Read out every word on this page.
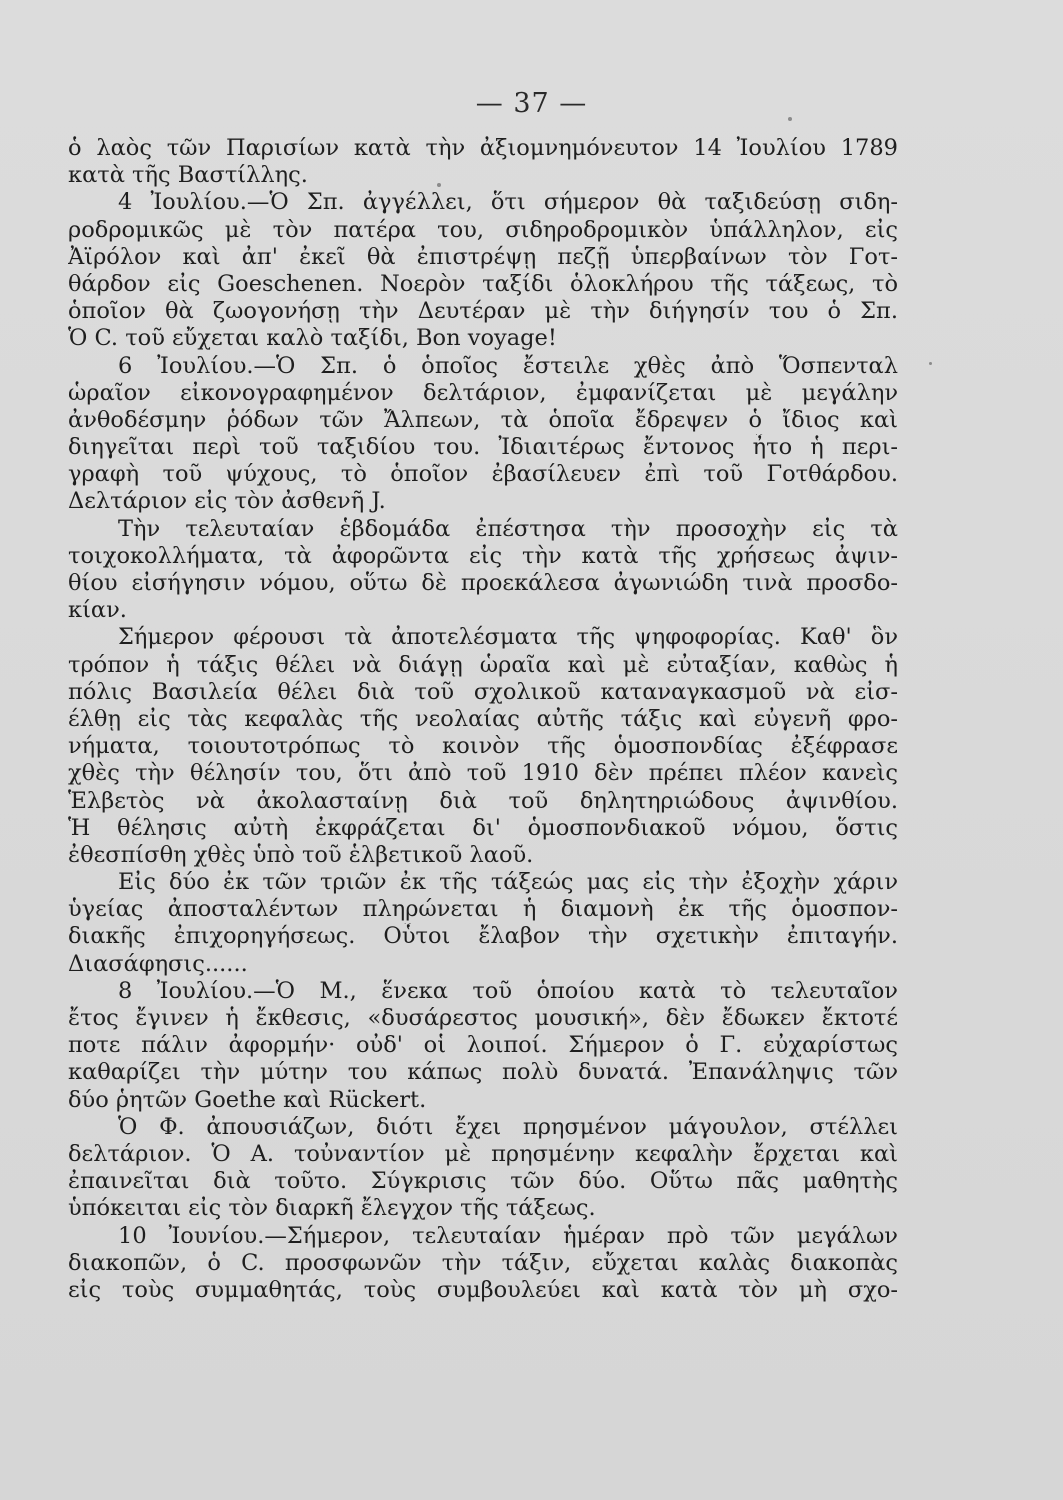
— 37 —
ὁ λαὸς τῶν Παρισίων κατὰ τὴν ἀξιομνημόνευτον 14 Ἰουλίου 1789
κατὰ τῆς Βαστίλλης.
4 Ἰουλίου.—Ὁ Σπ. ἀγγέλλει, ὅτι σήμερον θὰ ταξιδεύσῃ σιδη-
ροδρομικῶς μὲ τὸν πατέρα του, σιδηροδρομικὸν ὑπάλληλον, εἰς
Ἀϊρόλον καὶ ἀπ' ἐκεῖ θὰ ἐπιστρέψῃ πεζῇ ὑπερβαίνων τὸν Γοτ-
θάρδον εἰς Goeschenen. Νοερὸν ταξίδι ὁλοκλήρου τῆς τάξεως, τὸ
ὁποῖον θὰ ζωογονήσῃ τὴν Δευτέραν μὲ τὴν διήγησίν του ὁ Σπ.
Ὁ C. τοῦ εὔχεται καλὸ ταξίδι, Bon voyage!
6 Ἰουλίου.—Ὁ Σπ. ὁ ὁποῖος ἔστειλε χθὲς ἀπὸ Ὅσπενταλ
ὡραῖον εἰκονογραφημένον δελτάριον, ἐμφανίζεται μὲ μεγάλην
ἀνθοδέσμην ῥόδων τῶν Ἄλπεων, τὰ ὁποῖα ἔδρεψεν ὁ ἴδιος καὶ
διηγεῖται περὶ τοῦ ταξιδίου του. Ἰδιαιτέρως ἔντονος ἦτο ἡ περι-
γραφὴ τοῦ ψύχους, τὸ ὁποῖον ἐβασίλευεν ἐπὶ τοῦ Γοτθάρδου.
Δελτάριον εἰς τὸν ἀσθενῆ J.
Τὴν τελευταίαν ἑβδομάδα ἐπέστησα τὴν προσοχὴν εἰς τὰ
τοιχοκολλήματα, τὰ ἀφορῶντα εἰς τὴν κατὰ τῆς χρήσεως ἀψιν-
θίου εἰσήγησιν νόμου, οὕτω δὲ προεκάλεσα ἀγωνιώδη τινὰ προσδο-
κίαν.
Σήμερον φέρουσι τὰ ἀποτελέσματα τῆς ψηφοφορίας. Καθ' ὃν
τρόπον ἡ τάξις θέλει νὰ διάγῃ ὡραῖα καὶ μὲ εὐταξίαν, καθὼς ἡ
πόλις Βασιλεία θέλει διὰ τοῦ σχολικοῦ καταναγκασμοῦ νὰ εἰσ-
έλθῃ εἰς τὰς κεφαλὰς τῆς νεολαίας αὐτῆς τάξις καὶ εὐγενῆ φρο-
νήματα, τοιουτοτρόπως τὸ κοινὸν τῆς ὁμοσπονδίας ἐξέφρασε
χθὲς τὴν θέλησίν του, ὅτι ἀπὸ τοῦ 1910 δὲν πρέπει πλέον κανεὶς
Ἑλβετὸς νὰ ἀκολασταίνῃ διὰ τοῦ δηλητηριώδους ἀψινθίου.
Ἡ θέλησις αὐτὴ ἐκφράζεται δι' ὁμοσπονδιακοῦ νόμου, ὅστις
ἐθεσπίσθη χθὲς ὑπὸ τοῦ ἑλβετικοῦ λαοῦ.
Εἰς δύο ἐκ τῶν τριῶν ἐκ τῆς τάξεώς μας εἰς τὴν ἐξοχὴν χάριν
ὑγείας ἀποσταλέντων πληρώνεται ἡ διαμονὴ ἐκ τῆς ὁμοσπον-
διακῆς ἐπιχορηγήσεως. Οὗτοι ἔλαβον τὴν σχετικὴν ἐπιταγήν.
Διασάφησις......
8 Ἰουλίου.—Ὁ Μ., ἕνεκα τοῦ ὁποίου κατὰ τὸ τελευταῖον
ἔτος ἔγινεν ἡ ἔκθεσις, «δυσάρεστος μουσική», δὲν ἔδωκεν ἔκτοτέ
ποτε πάλιν ἀφορμήν· οὐδ' οἱ λοιποί. Σήμερον ὁ Γ. εὐχαρίστως
καθαρίζει τὴν μύτην του κάπως πολὺ δυνατά. Ἐπανάληψις τῶν
δύο ῥητῶν Goethe καὶ Rückert.
Ὁ Φ. ἀπουσιάζων, διότι ἔχει πρησμένον μάγουλον, στέλλει
δελτάριον. Ὁ Α. τοὐναντίον μὲ πρησμένην κεφαλὴν ἔρχεται καὶ
ἐπαινεῖται διὰ τοῦτο. Σύγκρισις τῶν δύο. Οὕτω πᾶς μαθητὴς
ὑπόκειται εἰς τὸν διαρκῆ ἔλεγχον τῆς τάξεως.
10 Ἰουνίου.—Σήμερον, τελευταίαν ἡμέραν πρὸ τῶν μεγάλων
διακοπῶν, ὁ C. προσφωνῶν τὴν τάξιν, εὔχεται καλὰς διακοπὰς
εἰς τοὺς συμμαθητάς, τοὺς συμβουλεύει καὶ κατὰ τὸν μὴ σχο-
